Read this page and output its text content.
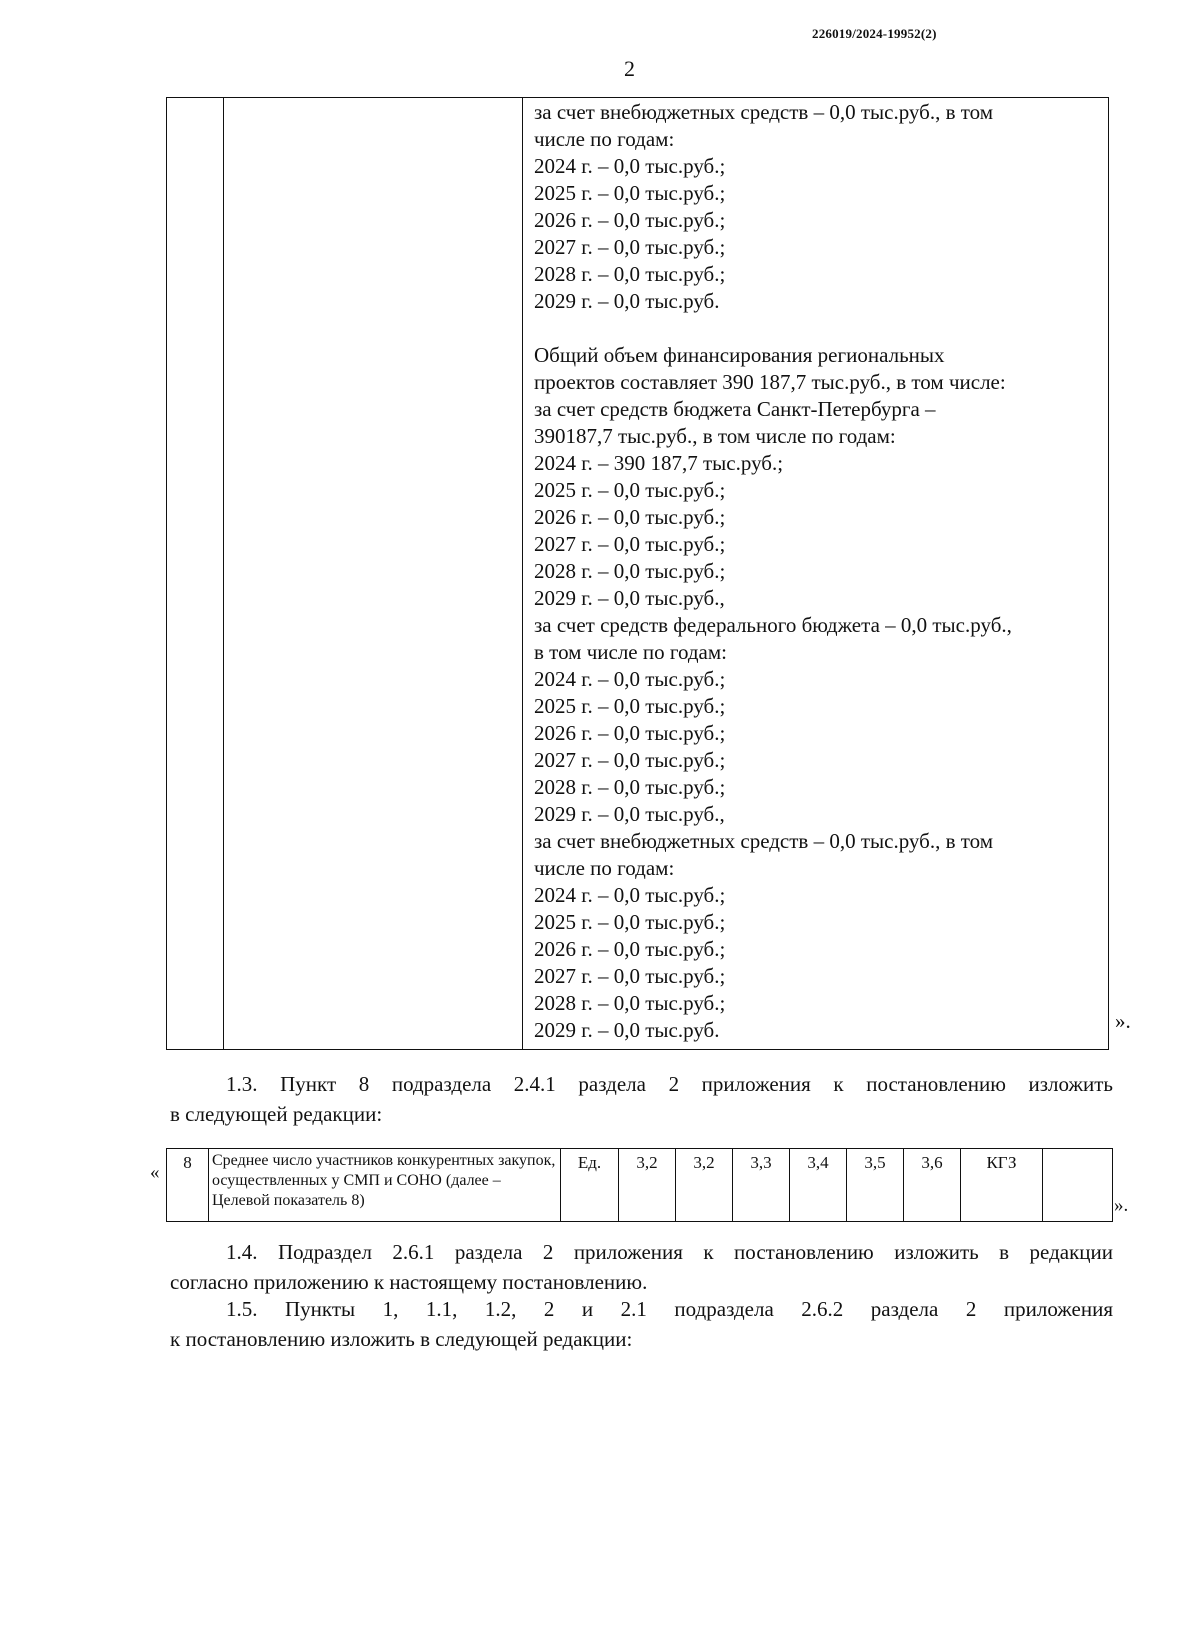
226019/2024-19952(2)
2
за счет внебюджетных средств – 0,0 тыс.руб., в том
числе по годам:
2024 г. – 0,0 тыс.руб.;
2025 г. – 0,0 тыс.руб.;
2026 г. – 0,0 тыс.руб.;
2027 г. – 0,0 тыс.руб.;
2028 г. – 0,0 тыс.руб.;
2029 г. – 0,0 тыс.руб.
Общий объем финансирования региональных
проектов составляет 390 187,7 тыс.руб., в том числе:
за счет средств бюджета Санкт-Петербурга –
390187,7 тыс.руб., в том числе по годам:
2024 г. – 390 187,7 тыс.руб.;
2025 г. – 0,0 тыс.руб.;
2026 г. – 0,0 тыс.руб.;
2027 г. – 0,0 тыс.руб.;
2028 г. – 0,0 тыс.руб.;
2029 г. – 0,0 тыс.руб.,
за счет средств федерального бюджета – 0,0 тыс.руб.,
в том числе по годам:
2024 г. – 0,0 тыс.руб.;
2025 г. – 0,0 тыс.руб.;
2026 г. – 0,0 тыс.руб.;
2027 г. – 0,0 тыс.руб.;
2028 г. – 0,0 тыс.руб.;
2029 г. – 0,0 тыс.руб.,
за счет внебюджетных средств – 0,0 тыс.руб., в том
числе по годам:
2024 г. – 0,0 тыс.руб.;
2025 г. – 0,0 тыс.руб.;
2026 г. – 0,0 тыс.руб.;
2027 г. – 0,0 тыс.руб.;
2028 г. – 0,0 тыс.руб.;
2029 г. – 0,0 тыс.руб.	».
1.3. Пункт 8 подраздела 2.4.1 раздела 2 приложения к постановлению изложить
в следующей редакции:
« 8	Среднее число участников конкурентных закупок, осуществленных у СМП и СОНО (далее – Целевой показатель 8)	Ед.	3,2	3,2	3,3	3,4	3,5	3,6	КГЗ	
».
1.4. Подраздел 2.6.1 раздела 2 приложения к постановлению изложить в редакции
согласно приложению к настоящему постановлению.
1.5. Пункты 1, 1.1, 1.2, 2 и 2.1 подраздела 2.6.2 раздела 2 приложения
к постановлению изложить в следующей редакции:
